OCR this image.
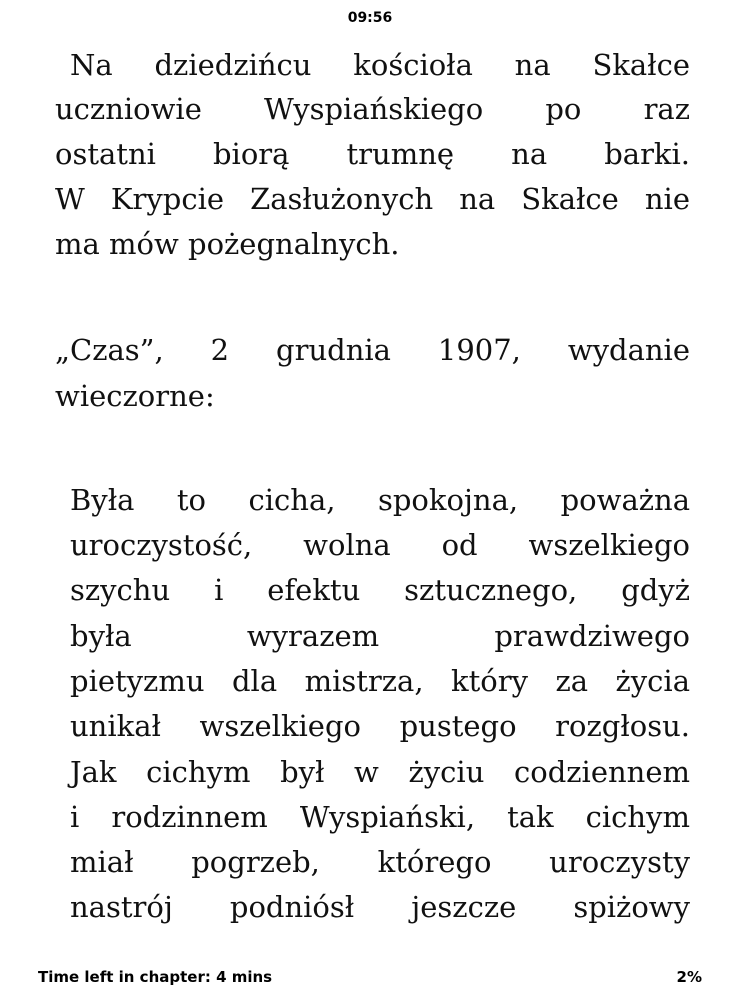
09:56
Na dziedzińcu kościoła na Skałce
uczniowie Wyspiańskiego po raz
ostatni biorą trumnę na barki.
W Krypcie Zasłużonych na Skałce nie
ma mów pożegnalnych.
„Czas”, 2 grudnia 1907, wydanie
wieczorne:
Była to cicha, spokojna, poważna
uroczystość, wolna od wszelkiego
szychu i efektu sztucznego, gdyż
była wyrazem prawdziwego
pietyzmu dla mistrza, który za życia
unikał wszelkiego pustego rozgłosu.
Jak cichym był w życiu codziennem
i rodzinnem Wyspiański, tak cichym
miał pogrzeb, którego uroczysty
nastrój podniósł jeszcze spiżowy
Time left in chapter: 4 mins	2%
